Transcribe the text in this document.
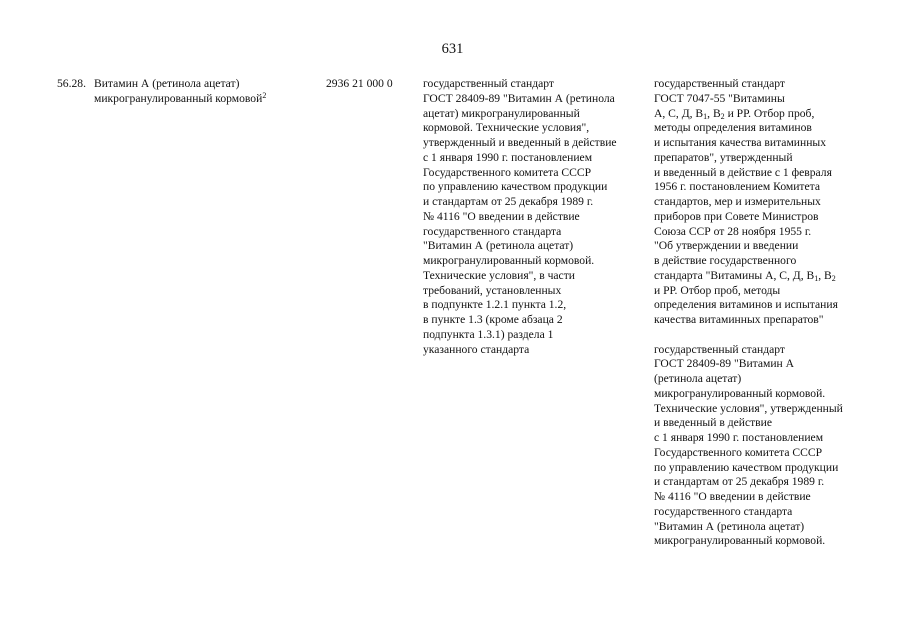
631
56.28. Витамин А (ретинола ацетат)
микрогранулированный кормовой$^2$
2936 21 000 0	государственный стандарт
ГОСТ 28409-89 "Витамин А (ретинола
ацетат) микрогранулированный
кормовой. Технические условия",
утвержденный и введенный в действие
с 1 января 1990 г. постановлением
Государственного комитета СССР
по управлению качеством продукции
и стандартам от 25 декабря 1989 г.
№ 4116 "О введении в действие
государственного стандарта
"Витамин А (ретинола ацетат)
микрогранулированный кормовой.
Технические условия", в части
требований, установленных
в подпункте 1.2.1 пункта 1.2,
в пункте 1.3 (кроме абзаца 2
подпункта 1.3.1) раздела 1
указанного стандарта
государственный стандарт
ГОСТ 7047-55 "Витамины
А, С, Д, $В_1$, $В_2$ и РР. Отбор проб,
методы определения витаминов
и испытания качества витаминных
препаратов", утвержденный
и введенный в действие с 1 февраля
1956 г. постановлением Комитета
стандартов, мер и измерительных
приборов при Совете Министров
Союза ССР от 28 ноября 1955 г.
"Об утверждении и введении
в действие государственного
стандарта "Витамины А, С, Д, $В_1$, $В_2$
и РР. Отбор проб, методы
определения витаминов и испытания
качества витаминных препаратов"
государственный стандарт
ГОСТ 28409-89 "Витамин А
(ретинола ацетат)
микрогранулированный кормовой.
Технические условия", утвержденный
и введенный в действие
с 1 января 1990 г. постановлением
Государственного комитета СССР
по управлению качеством продукции
и стандартам от 25 декабря 1989 г.
№ 4116 "О введении в действие
государственного стандарта
"Витамин А (ретинола ацетат)
микрогранулированный кормовой.
